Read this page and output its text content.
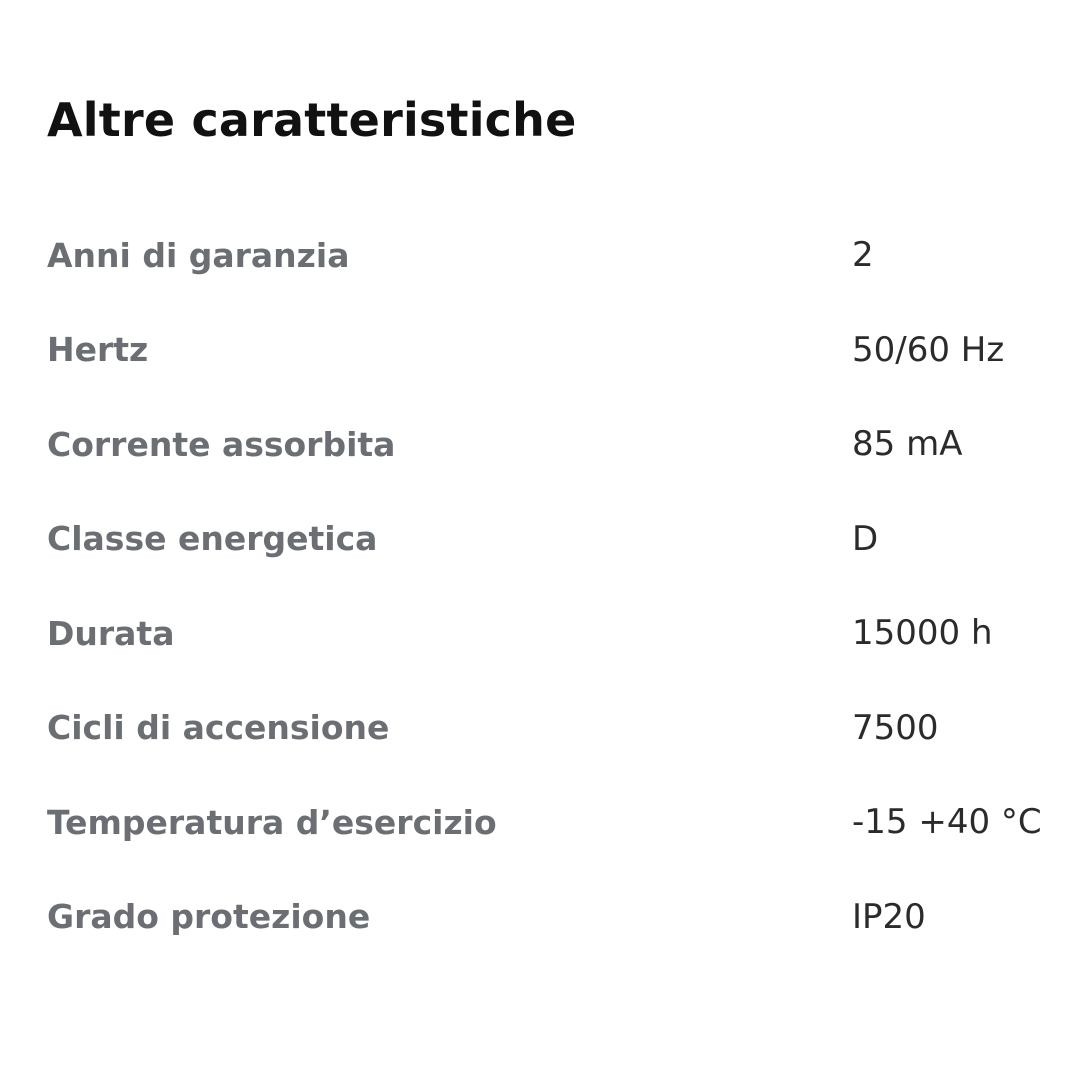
Altre caratteristiche
Anni di garanzia	2
Hertz	50/60 Hz
Corrente assorbita	85 mA
Classe energetica	D
Durata	15000 h
Cicli di accensione	7500
Temperatura d’esercizio	-15 +40 °C
Grado protezione	IP20
